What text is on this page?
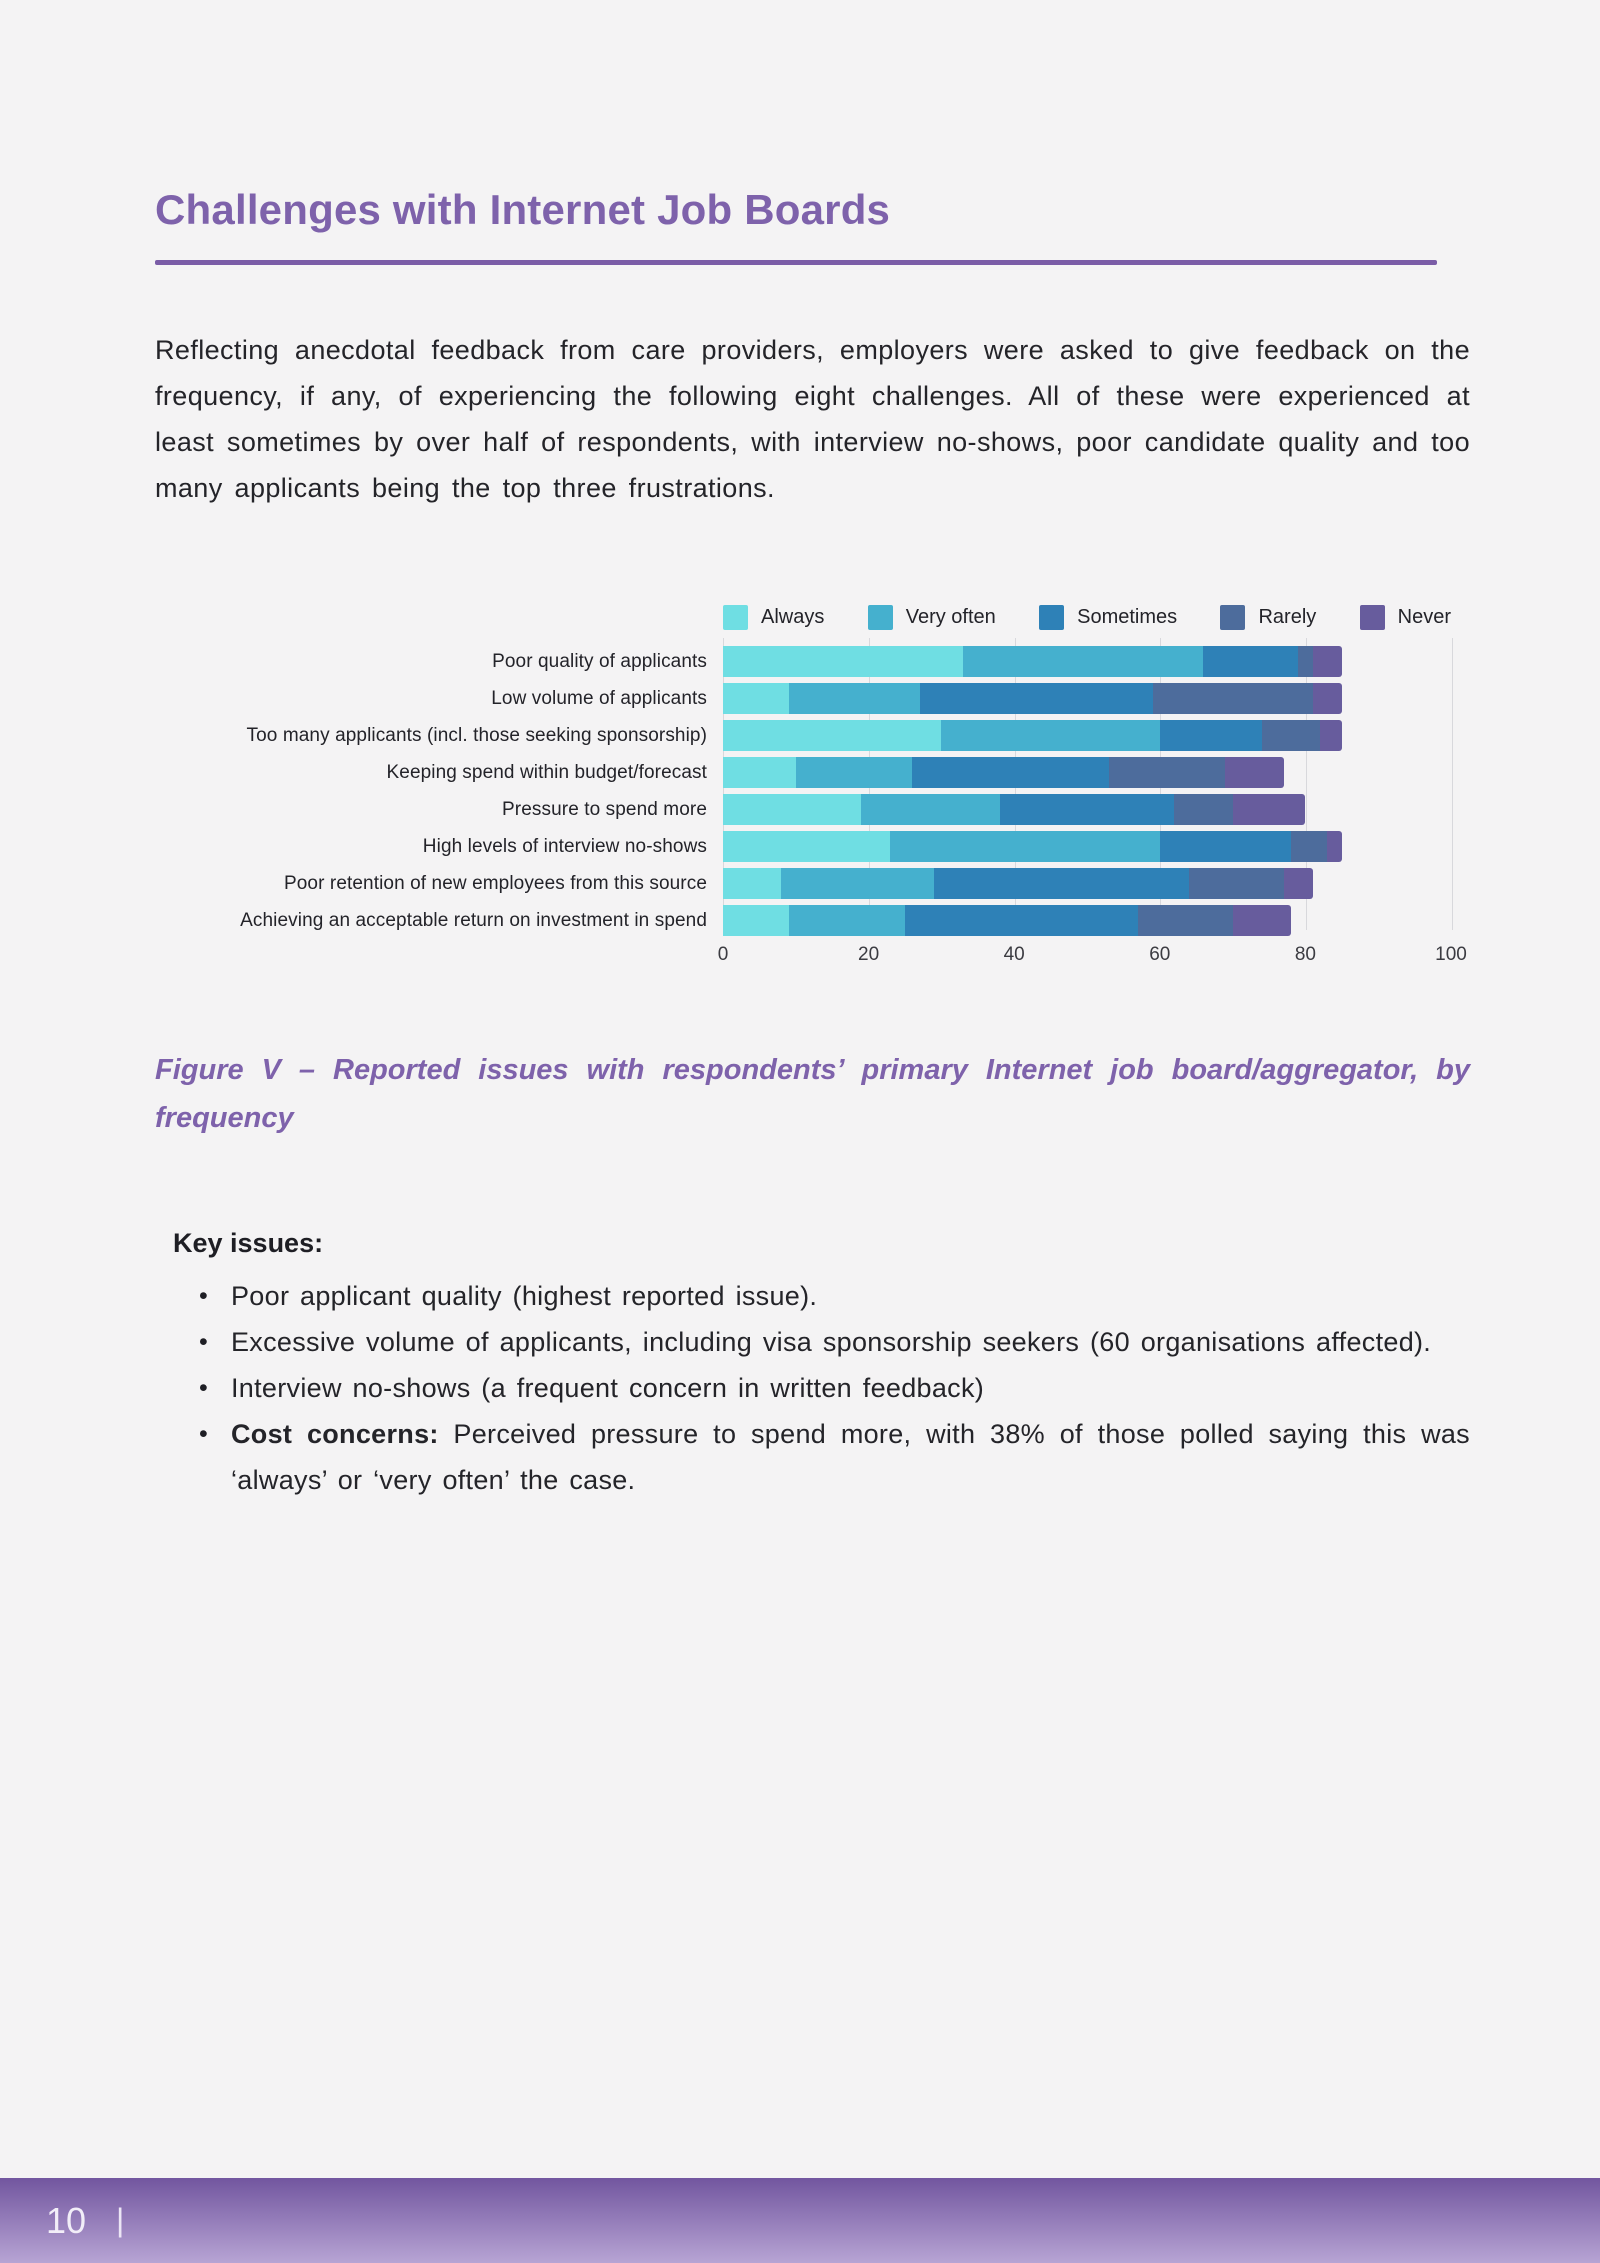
Challenges with Internet Job Boards

Reflecting anecdotal feedback from care providers, employers were asked to give feedback on the frequency, if any, of experiencing the following eight challenges. All of these were experienced at least sometimes by over half of respondents, with interview no-shows, poor candidate quality and too many applicants being the top three frustrations.

Always	Very often	Sometimes	Rarely	Never
Poor quality of applicants
Low volume of applicants
Too many applicants (incl. those seeking sponsorship)
Keeping spend within budget/forecast
Pressure to spend more
High levels of interview no-shows
Poor retention of new employees from this source
Achieving an acceptable return on investment in spend
0	20	40	60	80	100

Figure V – Reported issues with respondents’ primary Internet job board/aggregator, by frequency

Key issues:
• Poor applicant quality (highest reported issue).
• Excessive volume of applicants, including visa sponsorship seekers (60 organisations affected).
• Interview no-shows (a frequent concern in written feedback)
• Cost concerns: Perceived pressure to spend more, with 38% of those polled saying this was ‘always’ or ‘very often’ the case.
10 |
